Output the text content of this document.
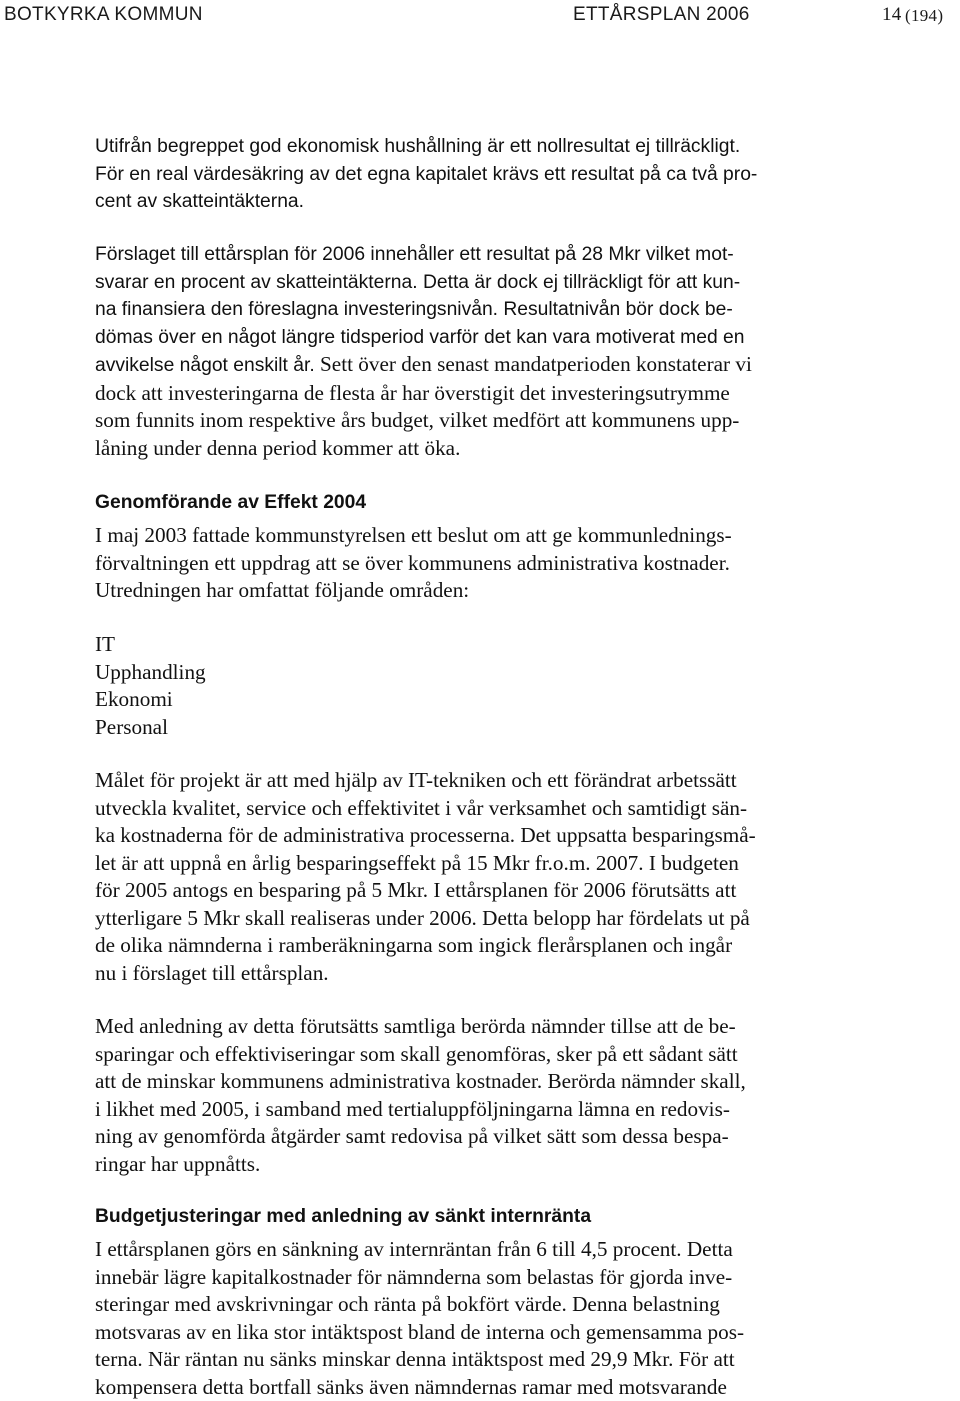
BOTKYRKA KOMMUN	ETTÅRSPLAN 2006	14 (194)

Utifrån begreppet god ekonomisk hushållning är ett nollresultat ej tillräckligt.

För en real värdesäkring av det egna kapitalet krävs ett resultat på ca två pro-

cent av skatteintäkterna.

Förslaget till ettårsplan för 2006 innehåller ett resultat på 28 Mkr vilket mot-

svarar en procent av skatteintäkterna. Detta är dock ej tillräckligt för att kun-

na finansiera den föreslagna investeringsnivån. Resultatnivån bör dock be-

dömas över en något längre tidsperiod varför det kan vara motiverat med en

avvikelse något enskilt år. Sett över den senast mandatperioden konstaterar vi

dock att investeringarna de flesta år har överstigit det investeringsutrymme

som funnits inom respektive års budget, vilket medfört att kommunens upp-

låning under denna period kommer att öka.

Genomförande av Effekt 2004

I maj 2003 fattade kommunstyrelsen ett beslut om att ge kommunlednings-

förvaltningen ett uppdrag att se över kommunens administrativa kostnader.

Utredningen har omfattat följande områden:

IT

Upphandling

Ekonomi

Personal

Målet för projekt är att med hjälp av IT-tekniken och ett förändrat arbetssätt

utveckla kvalitet, service och effektivitet i vår verksamhet och samtidigt sän-

ka kostnaderna för de administrativa processerna. Det uppsatta besparingsmå-

let är att uppnå en årlig besparingseffekt på 15 Mkr fr.o.m. 2007. I budgeten

för 2005 antogs en besparing på 5 Mkr. I ettårsplanen för 2006 förutsätts att

ytterligare 5 Mkr skall realiseras under 2006. Detta belopp har fördelats ut på

de olika nämnderna i ramberäkningarna som ingick flerårsplanen och ingår

nu i förslaget till ettårsplan.

Med anledning av detta förutsätts samtliga berörda nämnder tillse att de be-

sparingar och effektiviseringar som skall genomföras, sker på ett sådant sätt

att de minskar kommunens administrativa kostnader. Berörda nämnder skall,

i likhet med 2005, i samband med tertialuppföljningarna lämna en redovis-

ning av genomförda åtgärder samt redovisa på vilket sätt som dessa bespa-

ringar har uppnåtts.

Budgetjusteringar med anledning av sänkt internränta

I ettårsplanen görs en sänkning av internräntan från 6 till 4,5 procent. Detta

innebär lägre kapitalkostnader för nämnderna som belastas för gjorda inve-

steringar med avskrivningar och ränta på bokfört värde. Denna belastning

motsvaras av en lika stor intäktspost bland de interna och gemensamma pos-

terna. När räntan nu sänks minskar denna intäktspost med 29,9 Mkr. För att

kompensera detta bortfall sänks även nämndernas ramar med motsvarande
